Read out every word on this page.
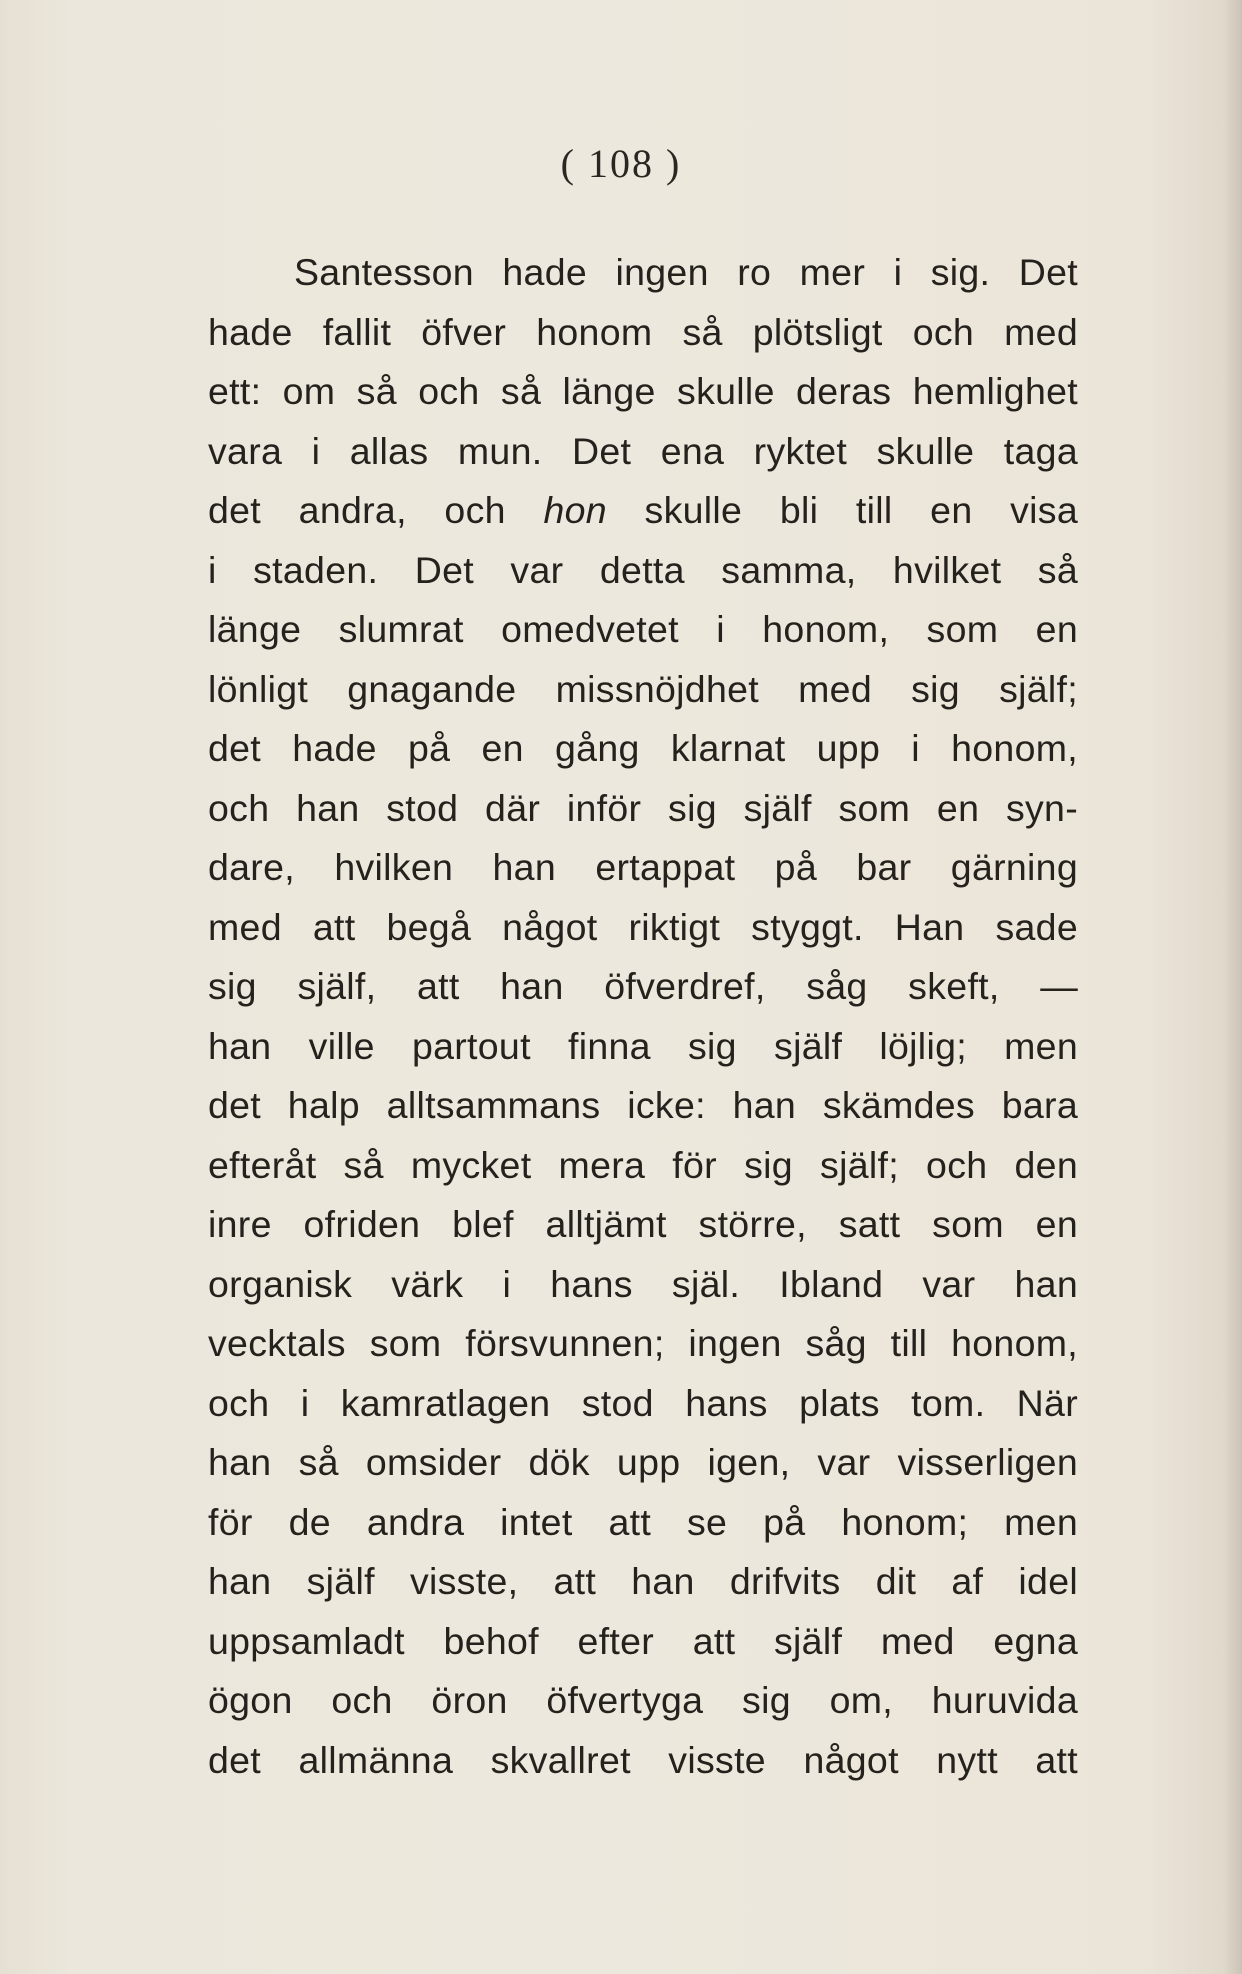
( 108 )

Santesson hade ingen ro mer i sig. Det
hade fallit öfver honom så plötsligt och med
ett: om så och så länge skulle deras hemlighet
vara i allas mun. Det ena ryktet skulle taga
det andra, och hon skulle bli till en visa
i staden. Det var detta samma, hvilket så
länge slumrat omedvetet i honom, som en
lönligt gnagande missnöjdhet med sig själf;
det hade på en gång klarnat upp i honom,
och han stod där inför sig själf som en syn-
dare, hvilken han ertappat på bar gärning
med att begå något riktigt styggt. Han sade
sig själf, att han öfverdref, såg skeft, —
han ville partout finna sig själf löjlig; men
det halp alltsammans icke: han skämdes bara
efteråt så mycket mera för sig själf; och den
inre ofriden blef alltjämt större, satt som en
organisk värk i hans själ. Ibland var han
vecktals som försvunnen; ingen såg till honom,
och i kamratlagen stod hans plats tom. När
han så omsider dök upp igen, var visserligen
för de andra intet att se på honom; men
han själf visste, att han drifvits dit af idel
uppsamladt behof efter att själf med egna
ögon och öron öfvertyga sig om, huruvida
det allmänna skvallret visste något nytt att
